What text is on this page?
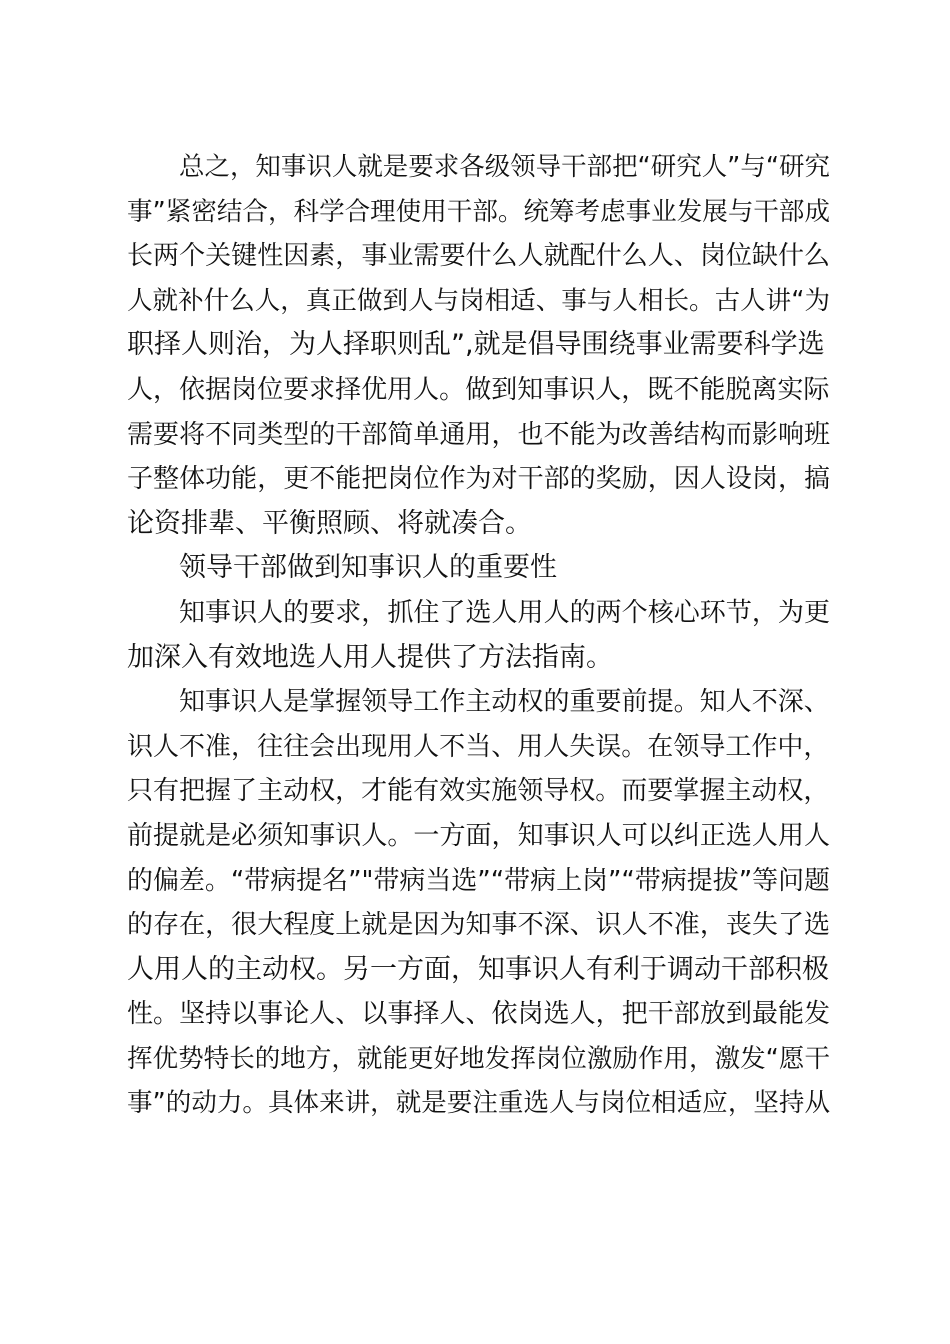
总之，知事识人就是要求各级领导干部把“研究人”与“研究
事”紧密结合，科学合理使用干部。统筹考虑事业发展与干部成
长两个关键性因素，事业需要什么人就配什么人、岗位缺什么
人就补什么人，真正做到人与岗相适、事与人相长。古人讲“为
职择人则治，为人择职则乱”,就是倡导围绕事业需要科学选
人，依据岗位要求择优用人。做到知事识人，既不能脱离实际
需要将不同类型的干部简单通用，也不能为改善结构而影响班
子整体功能，更不能把岗位作为对干部的奖励，因人设岗，搞
论资排辈、平衡照顾、将就凑合。
领导干部做到知事识人的重要性
知事识人的要求，抓住了选人用人的两个核心环节，为更
加深入有效地选人用人提供了方法指南。
知事识人是掌握领导工作主动权的重要前提。知人不深、
识人不准，往往会出现用人不当、用人失误。在领导工作中，
只有把握了主动权，才能有效实施领导权。而要掌握主动权，
前提就是必须知事识人。一方面，知事识人可以纠正选人用人
的偏差。“带病提名”"带病当选”“带病上岗”“带病提拔”等问题
的存在，很大程度上就是因为知事不深、识人不准，丧失了选
人用人的主动权。另一方面，知事识人有利于调动干部积极
性。坚持以事论人、以事择人、依岗选人，把干部放到最能发
挥优势特长的地方，就能更好地发挥岗位激励作用，激发“愿干
事”的动力。具体来讲，就是要注重选人与岗位相适应，坚持从
